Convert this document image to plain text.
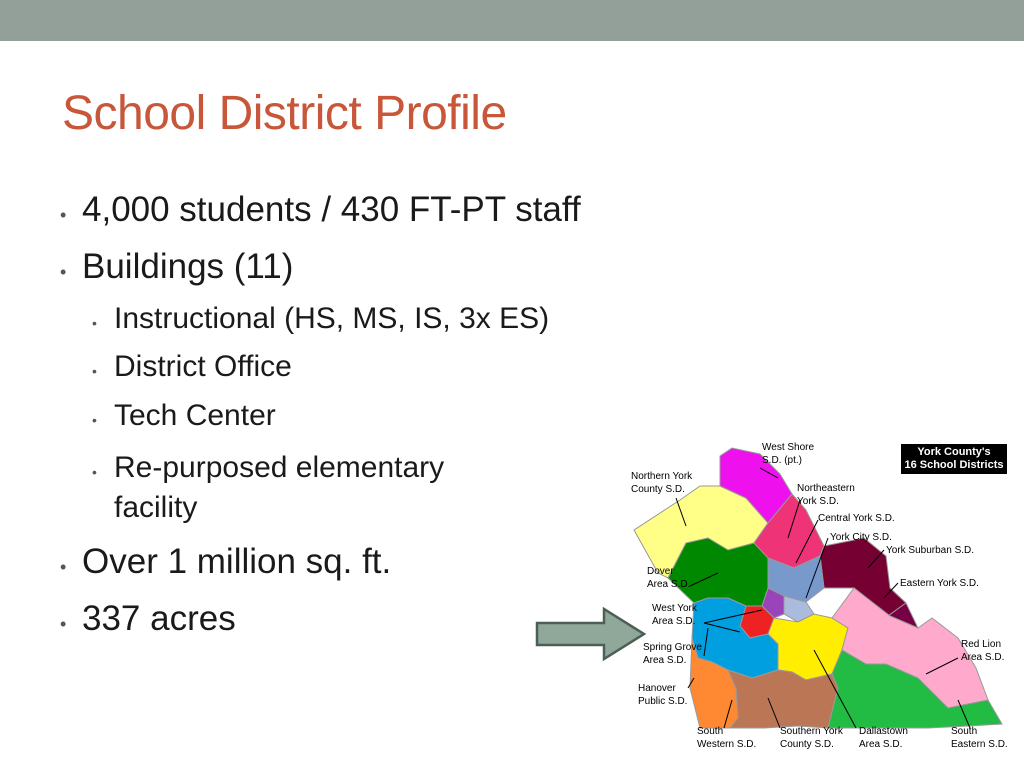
School District Profile
• 4,000 students / 430 FT-PT staff
• Buildings (11)
• Instructional (HS, MS, IS, 3x ES)
• District Office
• Tech Center
• Re-purposed elementary
facility
• Over 1 million sq. ft.
• 337 acres
West Shore
S.D. (pt.)
Northern York
County S.D.	Northeastern
York S.D.
Central York S.D.
York City S.D.
York Suburban S.D.
Dover
Area S.D.	Eastern York S.D.
West York
Area S.D.
Spring Grove
Area S.D.
Red Lion
Area S.D.
Hanover
Public S.D.
South
Western S.D.
Southern York
County S.D.
Dallastown
Area S.D.
South
Eastern S.D.
York County's
16 School Districts
